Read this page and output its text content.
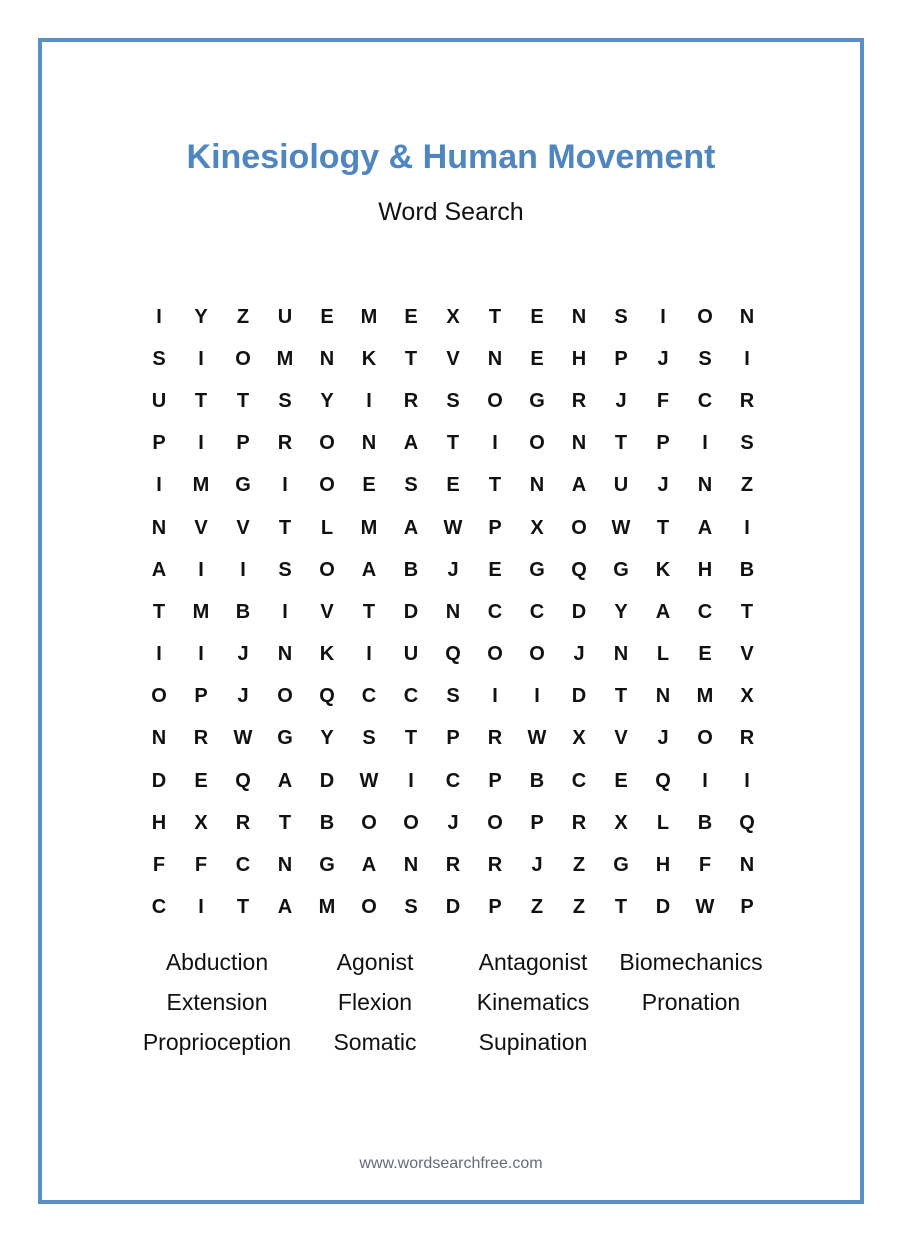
Kinesiology & Human Movement
Word Search
I	Y	Z	U	E	M	E	X	T	E	N	S	I	O	N
S	I	O	M	N	K	T	V	N	E	H	P	J	S	I
U	T	T	S	Y	I	R	S	O	G	R	J	F	C	R
P	I	P	R	O	N	A	T	I	O	N	T	P	I	S
I	M	G	I	O	E	S	E	T	N	A	U	J	N	Z
N	V	V	T	L	M	A	W	P	X	O	W	T	A	I
A	I	I	S	O	A	B	J	E	G	Q	G	K	H	B
T	M	B	I	V	T	D	N	C	C	D	Y	A	C	T
I	I	J	N	K	I	U	Q	O	O	J	N	L	E	V
O	P	J	O	Q	C	C	S	I	I	D	T	N	M	X
N	R	W	G	Y	S	T	P	R	W	X	V	J	O	R
D	E	Q	A	D	W	I	C	P	B	C	E	Q	I	I
H	X	R	T	B	O	O	J	O	P	R	X	L	B	Q
F	F	C	N	G	A	N	R	R	J	Z	G	H	F	N
C	I	T	A	M	O	S	D	P	Z	Z	T	D	W	P
Abduction	Agonist	Antagonist	Biomechanics
Extension	Flexion	Kinematics	Pronation
Proprioception	Somatic	Supination
www.wordsearchfree.com
